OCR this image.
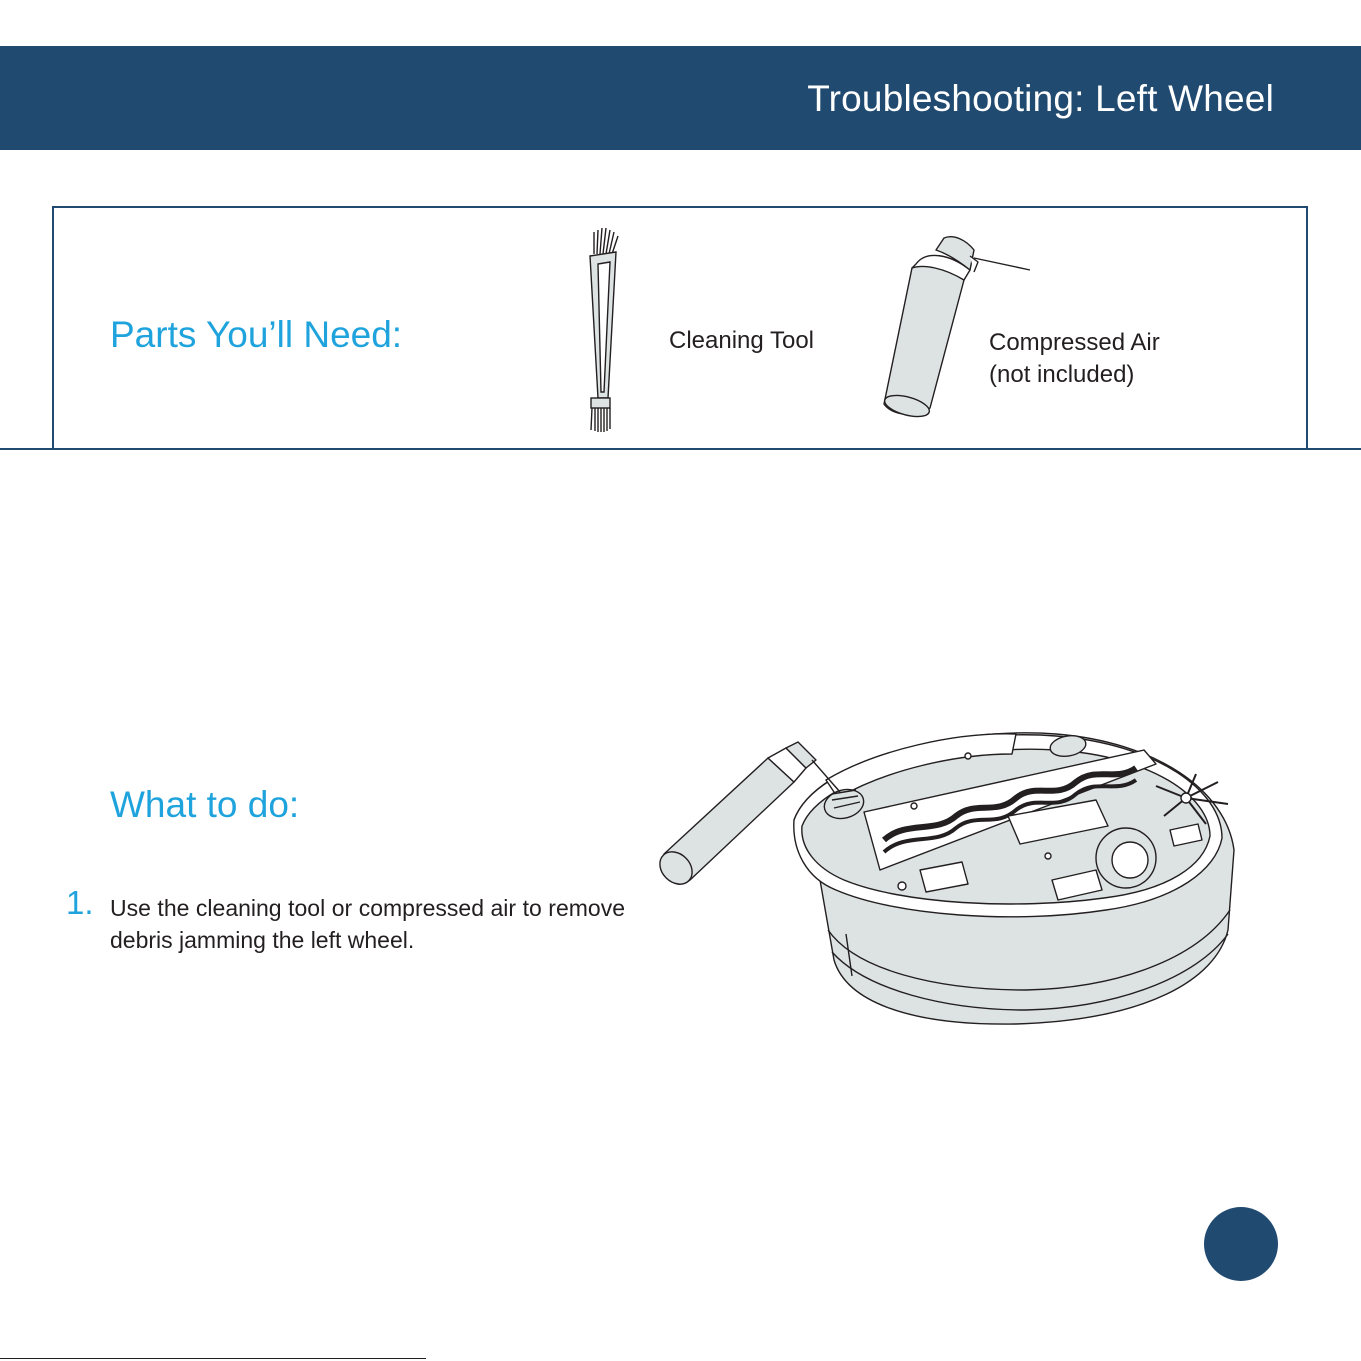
Troubleshooting: Left Wheel
Parts You’ll Need:	Cleaning Tool	Compressed Air
(not included)
What to do:
1. Use the cleaning tool or compressed air to remove debris jamming the left wheel.
